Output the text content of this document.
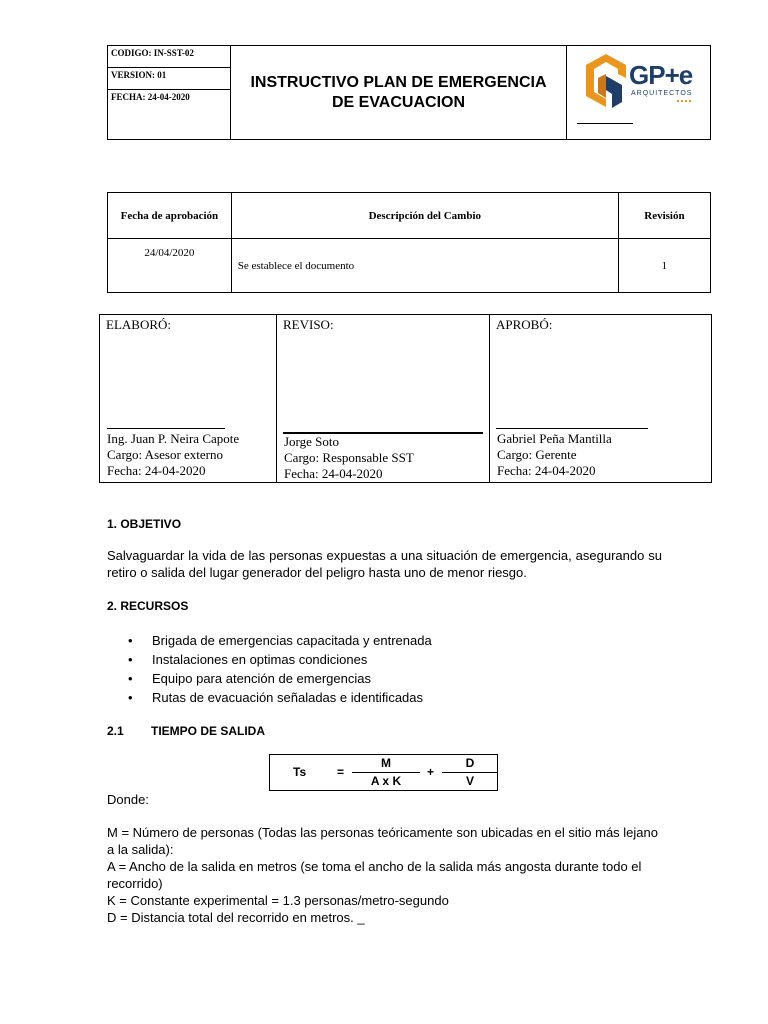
CODIGO: IN-SST-02
VERSION: 01
FECHA: 24-04-2020
INSTRUCTIVO PLAN DE EMERGENCIA
DE EVACUACION
GP+e
ARQUITECTOS
Fecha de aprobación	Descripción del Cambio	Revisión
24/04/2020	Se establece el documento	1
ELABORÓ:
Ing. Juan P. Neira Capote
Cargo: Asesor externo
Fecha: 24-04-2020
REVISO:
Jorge Soto
Cargo: Responsable SST
Fecha: 24-04-2020
APROBÓ:
Gabriel Peña Mantilla
Cargo: Gerente
Fecha: 24-04-2020
1. OBJETIVO
Salvaguardar la vida de las personas expuestas a una situación de emergencia, asegurando su retiro o salida del lugar generador del peligro hasta uno de menor riesgo.
2. RECURSOS
• Brigada de emergencias capacitada y entrenada
• Instalaciones en optimas condiciones
• Equipo para atención de emergencias
• Rutas de evacuación señaladas e identificadas
2.1 TIEMPO DE SALIDA
Ts	=
M
A x K
+
D
V
Donde:
M = Número de personas (Todas las personas teóricamente son ubicadas en el sitio más lejano a la salida):
A = Ancho de la salida en metros (se toma el ancho de la salida más angosta durante todo el recorrido)
K = Constante experimental = 1.3 personas/metro-segundo
D = Distancia total del recorrido en metros. _
